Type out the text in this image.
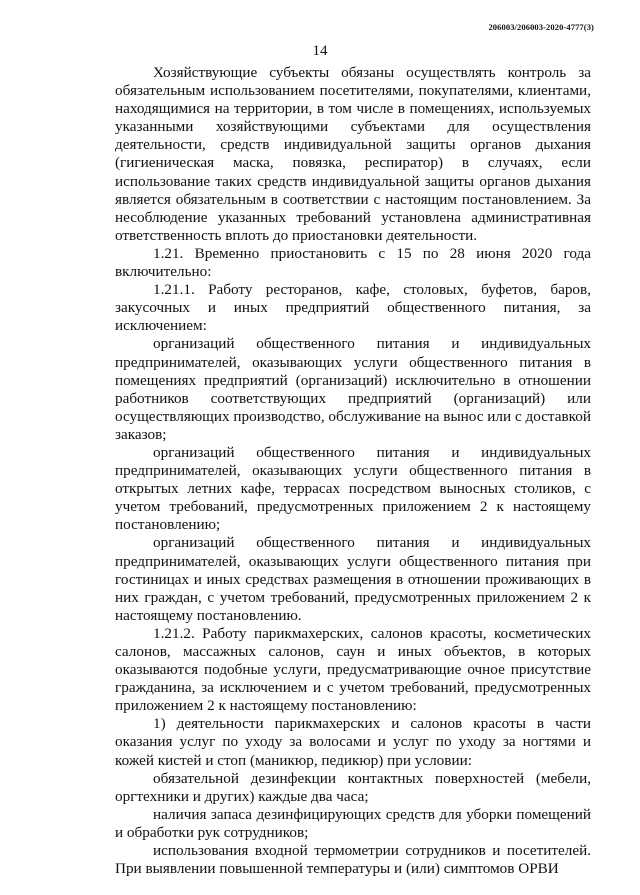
206003/206003-2020-4777(3)
14

Хозяйствующие субъекты обязаны осуществлять контроль за обязательным использованием посетителями, покупателями, клиентами, находящимися на территории, в том числе в помещениях, используемых указанными хозяйствующими субъектами для осуществления деятельности, средств индивидуальной защиты органов дыхания (гигиеническая маска, повязка, респиратор) в случаях, если использование таких средств индивидуальной защиты органов дыхания является обязательным в соответствии с настоящим постановлением. За несоблюдение указанных требований установлена административная ответственность вплоть до приостановки деятельности.

1.21. Временно приостановить с 15 по 28 июня 2020 года включительно:

1.21.1. Работу ресторанов, кафе, столовых, буфетов, баров, закусочных и иных предприятий общественного питания, за исключением:

организаций общественного питания и индивидуальных предпринимателей, оказывающих услуги общественного питания в помещениях предприятий (организаций) исключительно в отношении работников соответствующих предприятий (организаций) или осуществляющих производство, обслуживание на вынос или с доставкой заказов;

организаций общественного питания и индивидуальных предпринимателей, оказывающих услуги общественного питания в открытых летних кафе, террасах посредством выносных столиков, с учетом требований, предусмотренных приложением 2 к настоящему постановлению;

организаций общественного питания и индивидуальных предпринимателей, оказывающих услуги общественного питания при гостиницах и иных средствах размещения в отношении проживающих в них граждан, с учетом требований, предусмотренных приложением 2 к настоящему постановлению.

1.21.2. Работу парикмахерских, салонов красоты, косметических салонов, массажных салонов, саун и иных объектов, в которых оказываются подобные услуги, предусматривающие очное присутствие гражданина, за исключением и с учетом требований, предусмотренных приложением 2 к настоящему постановлению:

1) деятельности парикмахерских и салонов красоты в части оказания услуг по уходу за волосами и услуг по уходу за ногтями и кожей кистей и стоп (маникюр, педикюр) при условии:

обязательной дезинфекции контактных поверхностей (мебели, оргтехники и других) каждые два часа;

наличия запаса дезинфицирующих средств для уборки помещений и обработки рук сотрудников;

использования входной термометрии сотрудников и посетителей. При выявлении повышенной температуры и (или) симптомов ОРВИ
